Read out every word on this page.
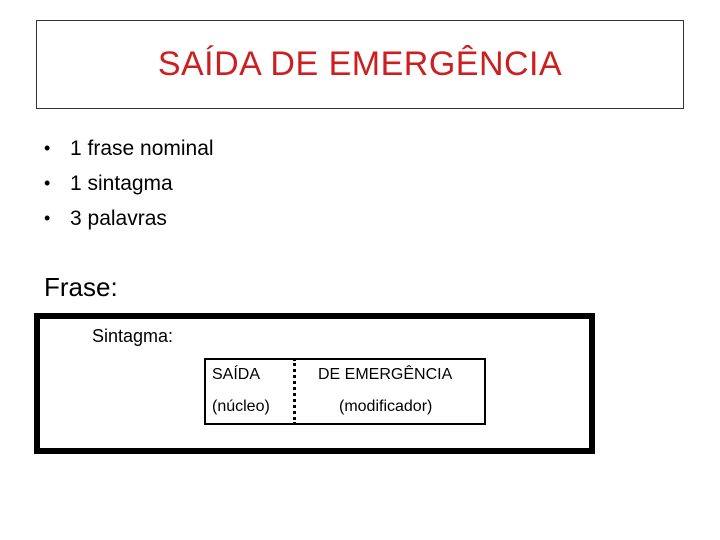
SAÍDA DE EMERGÊNCIA
• 1 frase nominal
• 1 sintagma
• 3 palavras
Frase:
Sintagma:
SAÍDA
(núcleo)
DE EMERGÊNCIA
(modificador)
